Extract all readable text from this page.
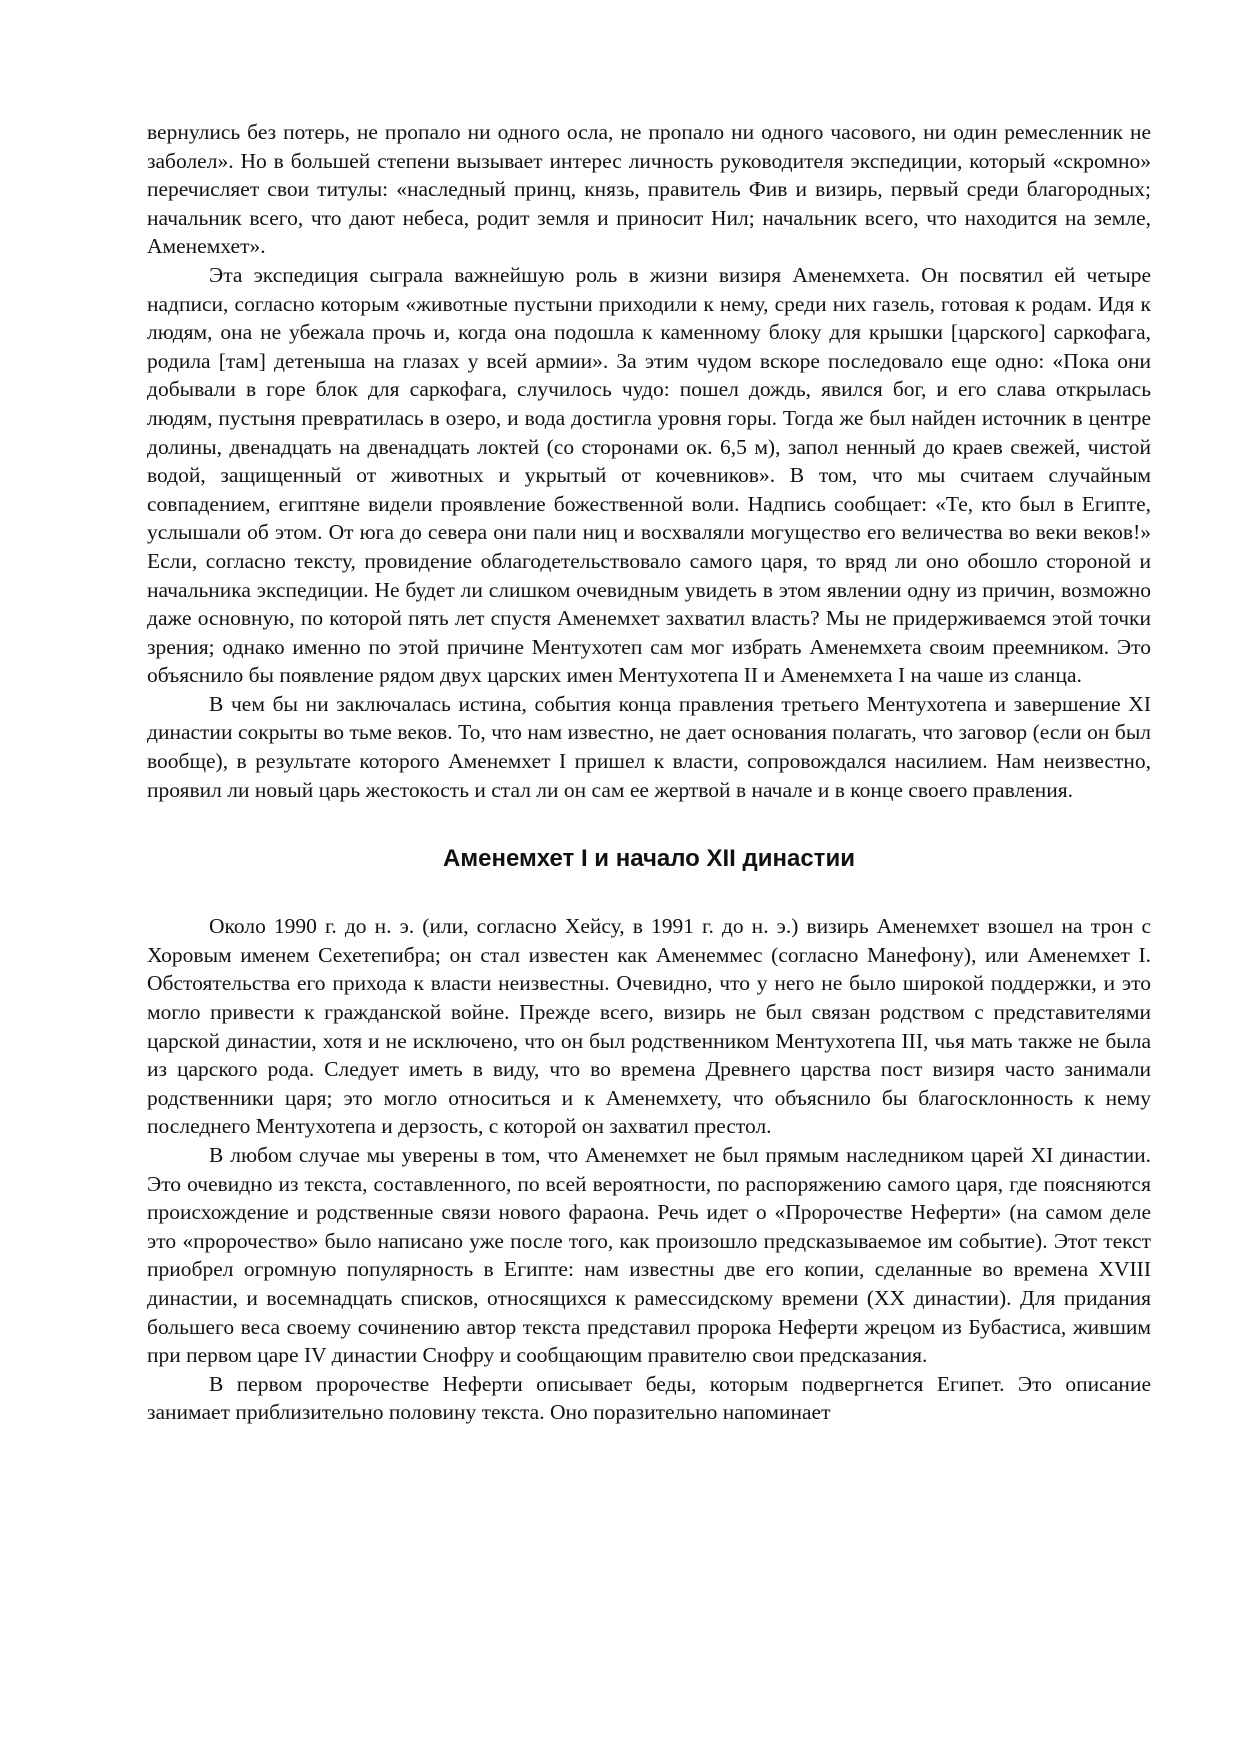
вернулись без потерь, не пропало ни одного осла, не пропало ни одного часового, ни один ремесленник не заболел». Но в большей степени вызывает интерес личность руководителя экспедиции, который «скромно» перечисляет свои титулы: «наследный принц, князь, правитель Фив и визирь, первый среди благородных; начальник всего, что дают небеса, родит земля и приносит Нил; начальник всего, что находится на земле, Аменемхет».

Эта экспедиция сыграла важнейшую роль в жизни визиря Аменемхета. Он посвятил ей четыре надписи, согласно которым «животные пустыни приходили к нему, среди них газель, готовая к родам. Идя к людям, она не убежала прочь и, когда она подошла к каменному блоку для крышки [царского] саркофага, родила [там] детеныша на глазах у всей армии». За этим чудом вскоре последовало еще одно: «Пока они добывали в горе блок для саркофага, случилось чудо: пошел дождь, явился бог, и его слава открылась людям, пустыня превратилась в озеро, и вода достигла уровня горы. Тогда же был найден источник в центре долины, двенадцать на двенадцать локтей (со сторонами ок. 6,5 м), запол ненный до краев свежей, чистой водой, защищенный от животных и укрытый от кочевников». В том, что мы считаем случайным совпадением, египтяне видели проявление божественной воли. Надпись сообщает: «Те, кто был в Египте, услышали об этом. От юга до севера они пали ниц и восхваляли могущество его величества во веки веков!» Если, согласно тексту, провидение облагодетельствовало самого царя, то вряд ли оно обошло стороной и начальника экспедиции. Не будет ли слишком очевидным увидеть в этом явлении одну из причин, возможно даже основную, по которой пять лет спустя Аменемхет захватил власть? Мы не придерживаемся этой точки зрения; однако именно по этой причине Ментухотеп сам мог избрать Аменемхета своим преемником. Это объяснило бы появление рядом двух царских имен Ментухотепа II и Аменемхета I на чаше из сланца.

В чем бы ни заключалась истина, события конца правления третьего Ментухотепа и завершение XI династии сокрыты во тьме веков. То, что нам известно, не дает основания полагать, что заговор (если он был вообще), в результате которого Аменемхет I пришел к власти, сопровождался насилием. Нам неизвестно, проявил ли новый царь жестокость и стал ли он сам ее жертвой в начале и в конце своего правления.

Аменемхет I и начало XII династии

Около 1990 г. до н. э. (или, согласно Хейсу, в 1991 г. до н. э.) визирь Аменемхет взошел на трон с Хоровым именем Сехетепибра; он стал известен как Аменеммес (согласно Манефону), или Аменемхет I. Обстоятельства его прихода к власти неизвестны. Очевидно, что у него не было широкой поддержки, и это могло привести к гражданской войне. Прежде всего, визирь не был связан родством с представителями царской династии, хотя и не исключено, что он был родственником Ментухотепа III, чья мать также не была из царского рода. Следует иметь в виду, что во времена Древнего царства пост визиря часто занимали родственники царя; это могло относиться и к Аменемхету, что объяснило бы благосклонность к нему последнего Ментухотепа и дерзость, с которой он захватил престол.

В любом случае мы уверены в том, что Аменемхет не был прямым наследником царей XI династии. Это очевидно из текста, составленного, по всей вероятности, по распоряжению самого царя, где поясняются происхождение и родственные связи нового фараона. Речь идет о «Пророчестве Неферти» (на самом деле это «пророчество» было написано уже после того, как произошло предсказываемое им событие). Этот текст приобрел огромную популярность в Египте: нам известны две его копии, сделанные во времена XVIII династии, и восемнадцать списков, относящихся к рамессидскому времени (XX династии). Для придания большего веса своему сочинению автор текста представил пророка Неферти жрецом из Бубастиса, жившим при первом царе IV династии Снофру и сообщающим правителю свои предсказания.

В первом пророчестве Неферти описывает беды, которым подвергнется Египет. Это описание занимает приблизительно половину текста. Оно поразительно напоминает
